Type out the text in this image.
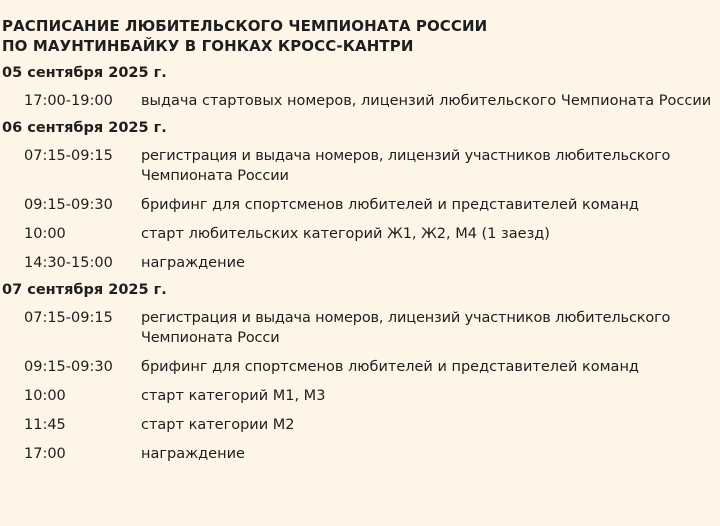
РАСПИСАНИЕ ЛЮБИТЕЛЬСКОГО ЧЕМПИОНАТА РОССИИ
ПО МАУНТИНБАЙКУ В ГОНКАХ КРОСС-КАНТРИ
05 сентября 2025 г.
17:00-19:00	выдача стартовых номеров, лицензий любительского Чемпионата России
06 сентября 2025 г.
07:15-09:15	регистрация и выдача номеров, лицензий участников любительского Чемпионата России
09:15-09:30	брифинг для спортсменов любителей и представителей команд
10:00	старт любительских категорий Ж1, Ж2, М4 (1 заезд)
14:30-15:00	награждение
07 сентября 2025 г.
07:15-09:15	регистрация и выдача номеров, лицензий участников любительского Чемпионата Росси
09:15-09:30	брифинг для спортсменов любителей и представителей команд
10:00	старт категорий М1, М3
11:45	старт категории М2
17:00	награждение
